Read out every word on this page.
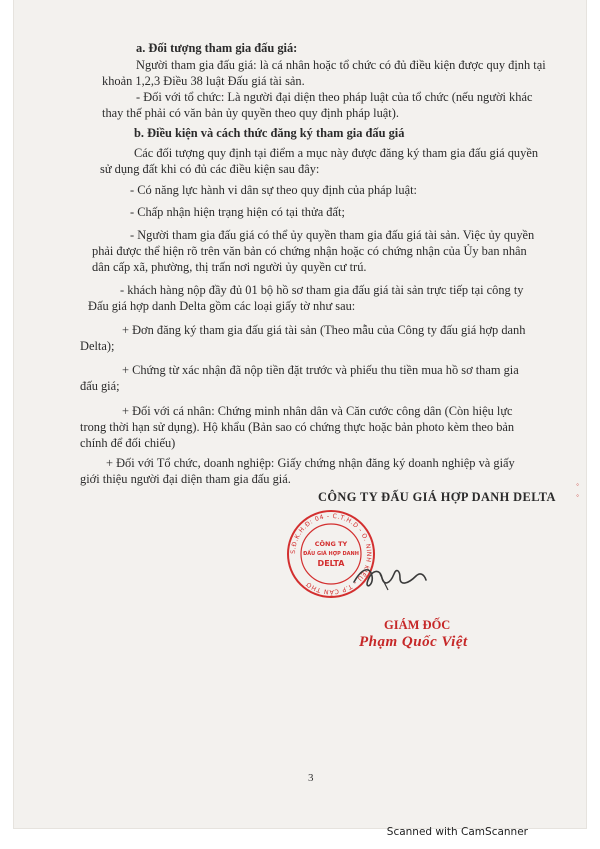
a. Đối tượng tham gia đấu giá:
Người tham gia đấu giá: là cá nhân hoặc tổ chức có đủ điều kiện được quy định tại
khoản 1,2,3 Điều 38 luật Đấu giá tài sản.
- Đối với tổ chức: Là người đại diện theo pháp luật của tổ chức (nếu người khác
thay thế phải có văn bản ủy quyền theo quy định pháp luật).
b. Điều kiện và cách thức đăng ký tham gia đấu giá
Các đối tượng quy định tại điểm a mục này được đăng ký tham gia đấu giá quyền
sử dụng đất khi có đủ các điều kiện sau đây:
- Có năng lực hành vi dân sự theo quy định của pháp luật:
- Chấp nhận hiện trạng hiện có tại thửa đất;
- Người tham gia đấu giá có thể ủy quyền tham gia đấu giá tài sản. Việc ủy quyền
phải được thể hiện rõ trên văn bản có chứng nhận hoặc có chứng nhận của Ủy ban nhân
dân cấp xã, phường, thị trấn nơi người ủy quyền cư trú.
- khách hàng nộp đầy đủ 01 bộ hồ sơ tham gia đấu giá tài sản trực tiếp tại công ty
Đấu giá hợp danh Delta gồm các loại giấy tờ như sau:
+ Đơn đăng ký tham gia đấu giá tài sản (Theo mẫu của Công ty đấu giá hợp danh
Delta);
+ Chứng từ xác nhận đã nộp tiền đặt trước và phiếu thu tiền mua hồ sơ tham gia
đấu giá;
+ Đối với cá nhân: Chứng minh nhân dân và Căn cước công dân (Còn hiệu lực
trong thời hạn sử dụng). Hộ khẩu (Bản sao có chứng thực hoặc bản photo kèm theo bản
chính để đối chiếu)
+ Đối với Tổ chức, doanh nghiệp: Giấy chứng nhận đăng ký doanh nghiệp và giấy
giới thiệu người đại diện tham gia đấu giá.
CÔNG TY ĐẤU GIÁ HỢP DANH DELTA
S.Đ.K.H.Đ: 04 - C.T.H.D - O. NINH KIỀU - T.P CẦN THƠ
CÔNG TY
ĐẤU GIÁ HỢP DANH
DELTA
GIÁM ĐỐC
Phạm Quốc Việt
3
◦ ◦
Scanned with CamScanner
